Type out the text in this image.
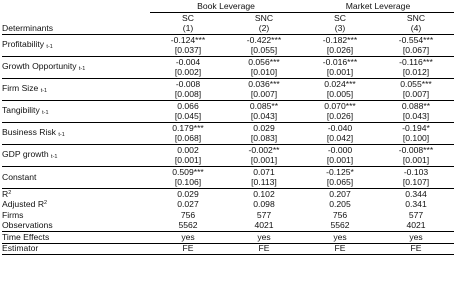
	Book Leverage		Market Leverage	
	SC	SNC	SC	SNC
Determinants	(1)	(2)	(3)	(4)
Profitability $_{t-1}$	-0.124***	-0.422***	-0.182***	-0.554***
	[0.037]	[0.055]	[0.026]	[0.067]
Growth Opportunity $_{t-1}$	-0.004	0.056***	-0.016***	-0.116***
	[0.002]	[0.010]	[0.001]	[0.012]
Firm Size $_{t-1}$	-0.008	0.036***	0.024***	0.055***
	[0.008]	[0.007]	[0.005]	[0.007]
Tangibility $_{t-1}$	0.066	0.085**	0.070***	0.088**
	[0.045]	[0.043]	[0.026]	[0.043]
Business Risk $_{t-1}$	0.179***	0.029	-0.040	-0.194*
	[0.068]	[0.083]	[0.042]	[0.100]
GDP growth $_{t-1}$	0.002	-0.002**	-0.000	-0.008***
	[0.001]	[0.001]	[0.001]	[0.001]
Constant	0.509***	0.071	-0.125*	-0.103
	[0.106]	[0.113]	[0.065]	[0.107]
$R^2$	0.029	0.102	0.207	0.344
Adjusted $R^2$	0.027	0.098	0.205	0.341
Firms	756	577	756	577
Observations	5562	4021	5562	4021
Time Effects	yes	yes	yes	yes
Estimator	FE	FE	FE	FE
